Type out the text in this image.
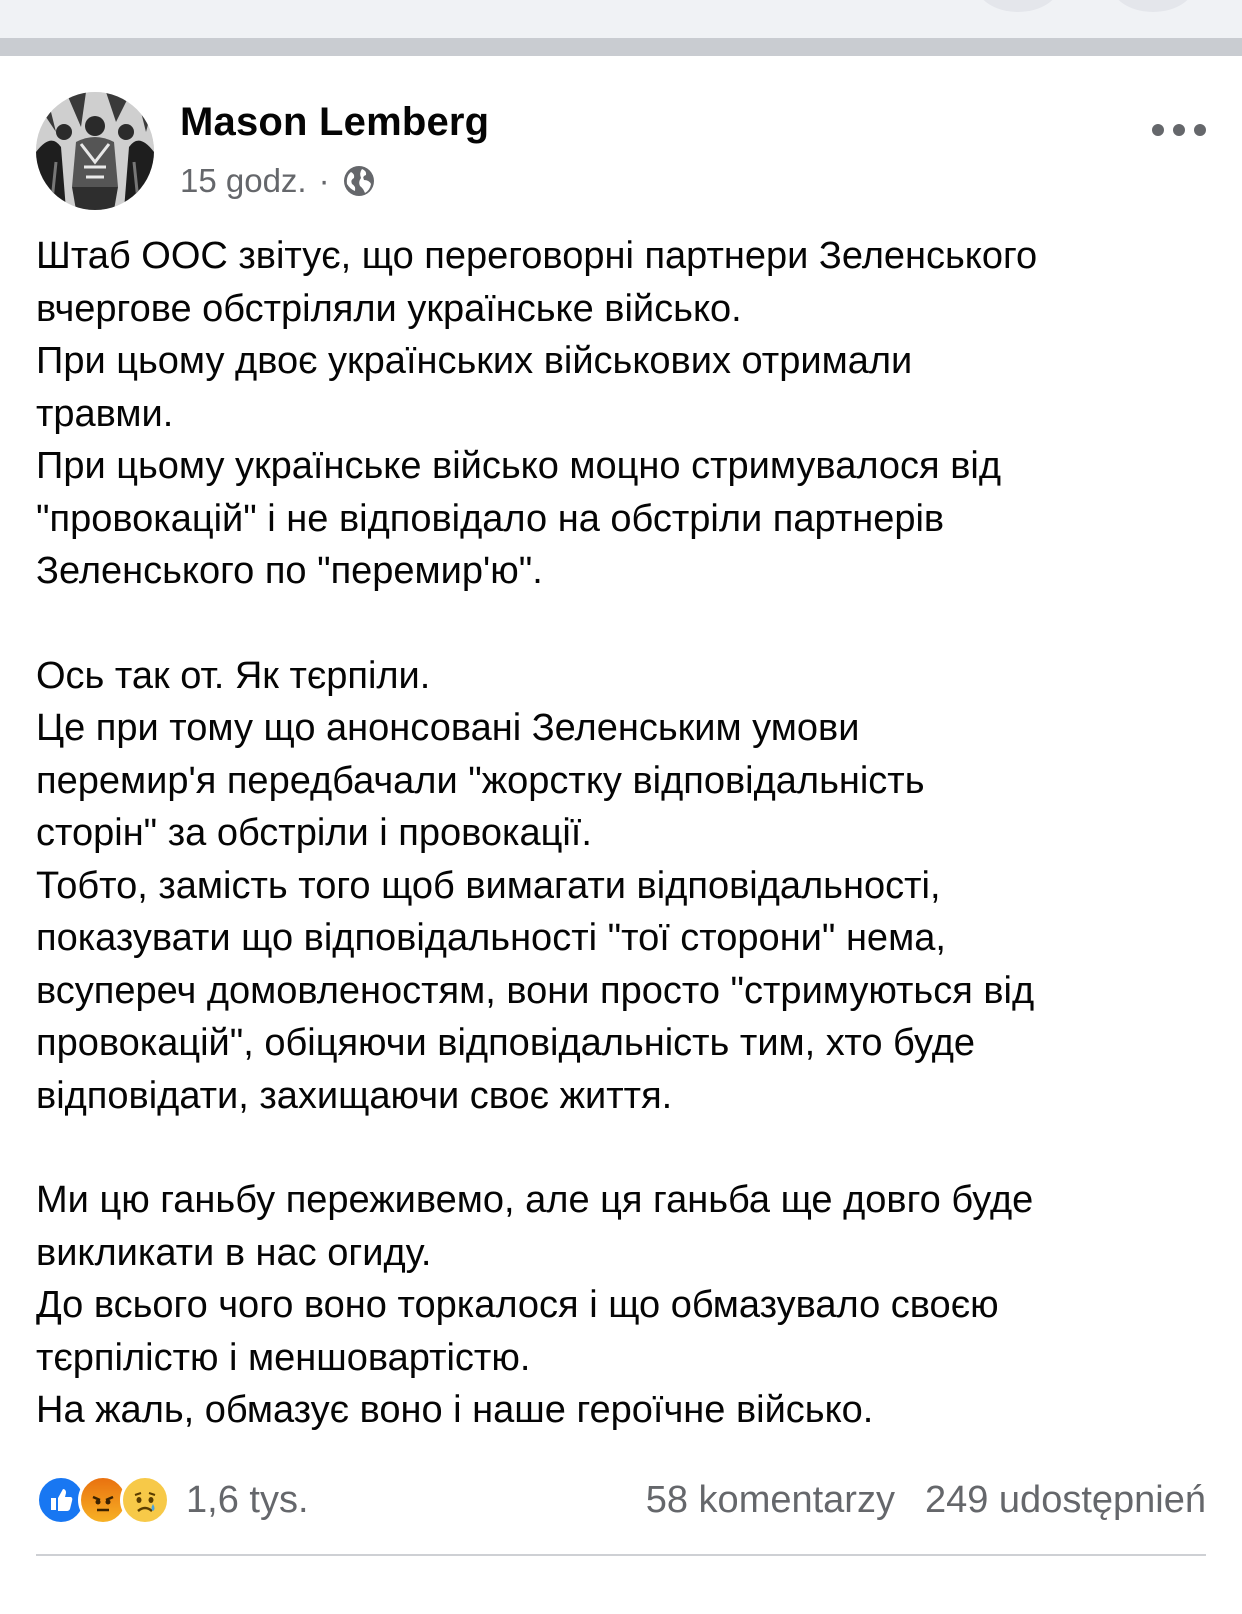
Mason Lemberg
15 godz. ·

Штаб ООС звітує, що переговорні партнери Зеленського
вчергове обстріляли українське військо.
При цьому двоє українських військових отримали
травми.
При цьому українське військо моцно стримувалося від
"провокацій" і не відповідало на обстріли партнерів
Зеленського по "перемир'ю".

Ось так от. Як тєрпіли.
Це при тому що анонсовані Зеленським умови
перемир'я передбачали "жорстку відповідальність
сторін" за обстріли і провокації.
Тобто, замість того щоб вимагати відповідальності,
показувати що відповідальності "тої сторони" нема,
всупереч домовленостям, вони просто "стримуються від
провокацій", обіцяючи відповідальність тим, хто буде
відповідати, захищаючи своє життя.

Ми цю ганьбу переживемо, але ця ганьба ще довго буде
викликати в нас огиду.
До всього чого воно торкалося і що обмазувало своєю
тєрпілістю і меншовартістю.
На жаль, обмазує воно і наше героїчне військо.

1,6 tys.	58 komentarzy 249 udostępnień
